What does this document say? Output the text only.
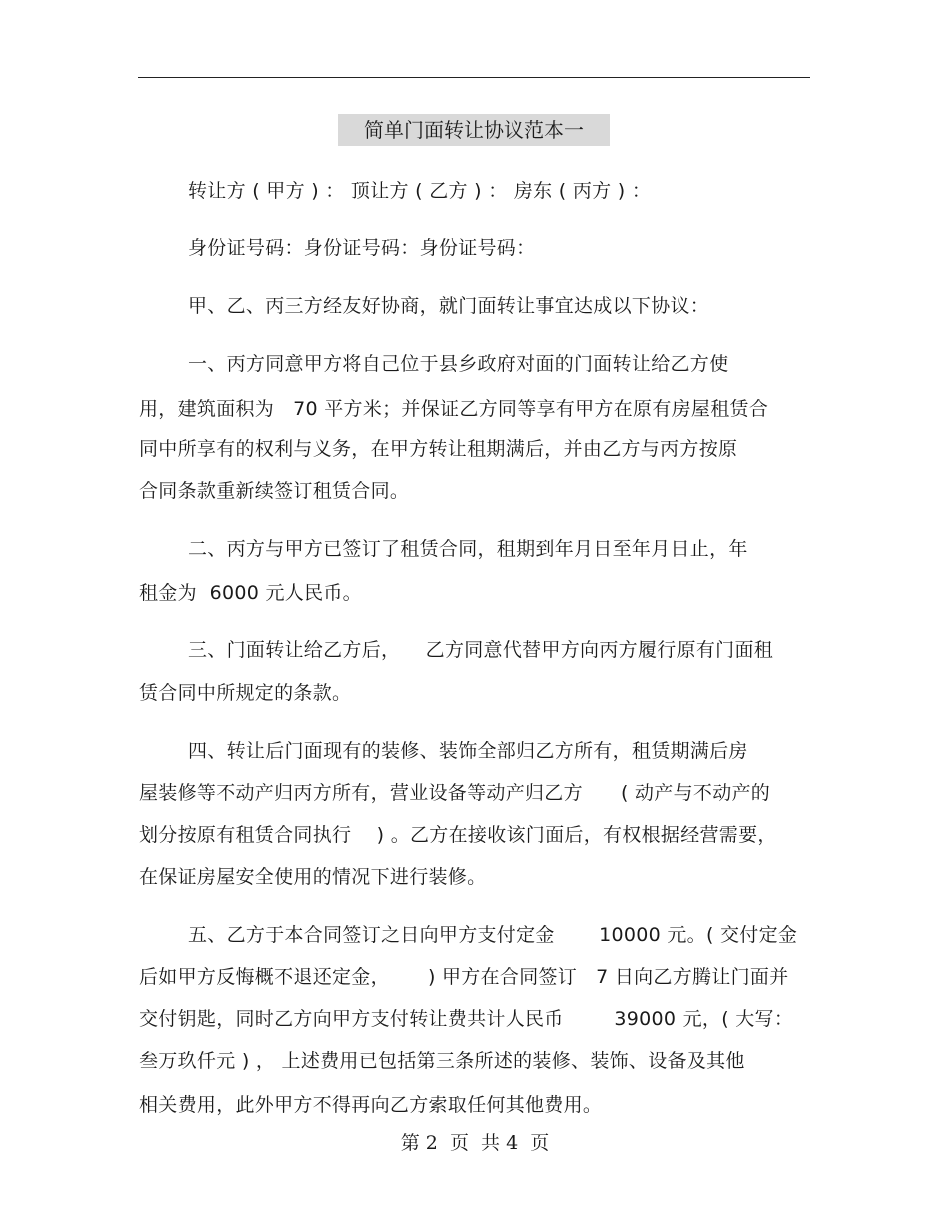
简单门面转让协议范本一
转让方 ( 甲方 ) ： 顶让方 ( 乙方 ) ： 房东 ( 丙方 ) ：
身份证号码：身份证号码：身份证号码：
甲、乙、丙三方经友好协商，就门面转让事宜达成以下协议：
一、丙方同意甲方将自己位于县乡政府对面的门面转让给乙方使
用，建筑面积为   70 平方米；并保证乙方同等享有甲方在原有房屋租赁合
同中所享有的权利与义务，在甲方转让租期满后，并由乙方与丙方按原
合同条款重新续签订租赁合同。
二、丙方与甲方已签订了租赁合同，租期到年月日至年月日止，年
租金为  6000 元人民币。
三、门面转让给乙方后，    乙方同意代替甲方向丙方履行原有门面租
赁合同中所规定的条款。
四、转让后门面现有的装修、装饰全部归乙方所有，租赁期满后房
屋装修等不动产归丙方所有，营业设备等动产归乙方      ( 动产与不动产的
划分按原有租赁合同执行    ) 。乙方在接收该门面后，有权根据经营需要，
在保证房屋安全使用的情况下进行装修。
五、乙方于本合同签订之日向甲方支付定金       10000 元。( 交付定金
后如甲方反悔概不退还定金，      ) 甲方在合同签订   7 日向乙方腾让门面并
交付钥匙，同时乙方向甲方支付转让费共计人民币        39000 元，( 大写：
叁万玖仟元 ) ， 上述费用已包括第三条所述的装修、装饰、设备及其他
相关费用，此外甲方不得再向乙方索取任何其他费用。
第 2  页  共 4  页
